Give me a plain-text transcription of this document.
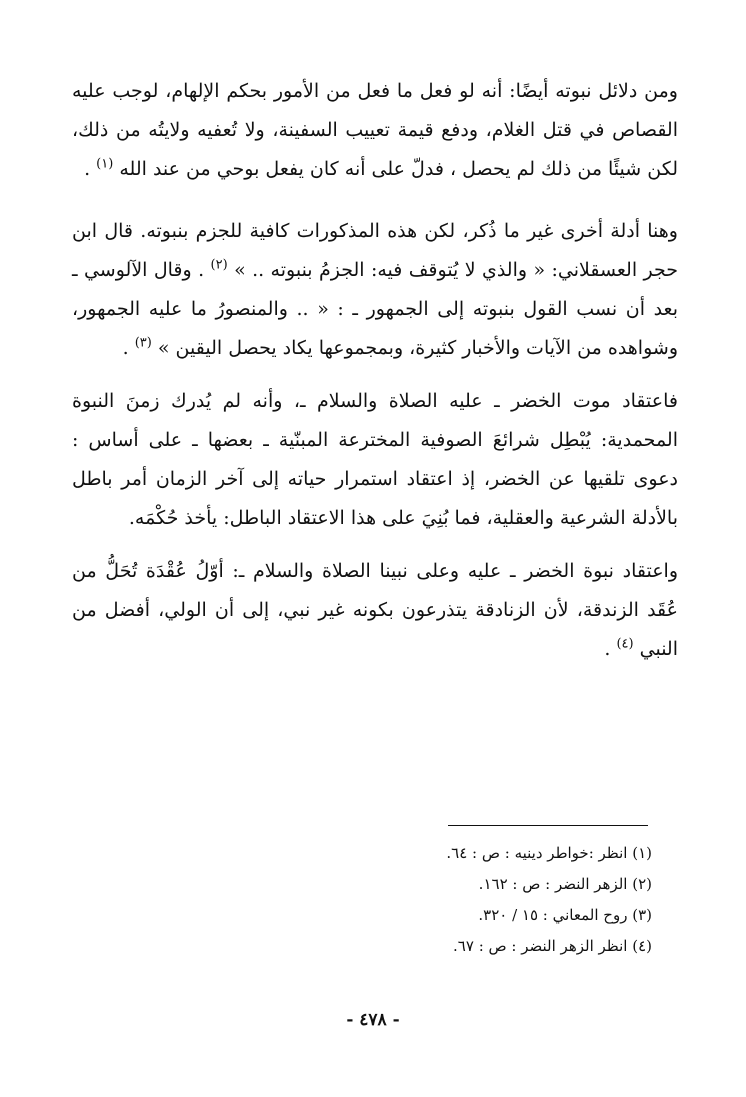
ومن دلائل نبوته أيضًا: أنه لو فعل ما فعل من الأمور بحكم الإلهام، لوجب عليه القصاص في قتل الغلام، ودفع قيمة تعييب السفينة، ولا تُعفيه ولايتُه من ذلك، لكن شيئًا من ذلك لم يحصل ، فدلّ على أنه كان يفعل بوحي من عند الله $^{(١)}$ .

وهنا أدلة أخرى غير ما ذُكر، لكن هذه المذكورات كافية للجزم بنبوته. قال ابن حجر العسقلاني: « والذي لا يُتوقف فيه: الجزمُ بنبوته .. » $^{(٢)}$ . وقال الآلوسي ـ بعد أن نسب القول بنبوته إلى الجمهور ـ : « .. والمنصورُ ما عليه الجمهور، وشواهده من الآيات والأخبار كثيرة، وبمجموعها يكاد يحصل اليقين » $^{(٣)}$ .

فاعتقاد موت الخضر ـ عليه الصلاة والسلام ـ، وأنه لم يُدرك زمنَ النبوة المحمدية: يُبْطِل شرائعَ الصوفية المخترعة المبنّية ـ بعضها ـ على أساس : دعوى تلقيها عن الخضر، إذ اعتقاد استمرار حياته إلى آخر الزمان أمر باطل بالأدلة الشرعية والعقلية، فما بُنِيَ على هذا الاعتقاد الباطل: يأخذ حُكْمَه.

واعتقاد نبوة الخضر ـ عليه وعلى نبينا الصلاة والسلام ـ: أوّلُ عُقْدَة تُحَلُّ من عُقَد الزندقة، لأن الزنادقة يتذرعون بكونه غير نبي، إلى أن الولي، أفضل من النبي $^{(٤)}$ .

(١) انظر :خواطر دينيه : ص : ٦٤.
(٢) الزهر النضر : ص : ١٦٢.
(٣) روح المعاني : ١٥ / ٣٢٠.
(٤) انظر الزهر النضر : ص : ٦٧.
- ٤٧٨ -
